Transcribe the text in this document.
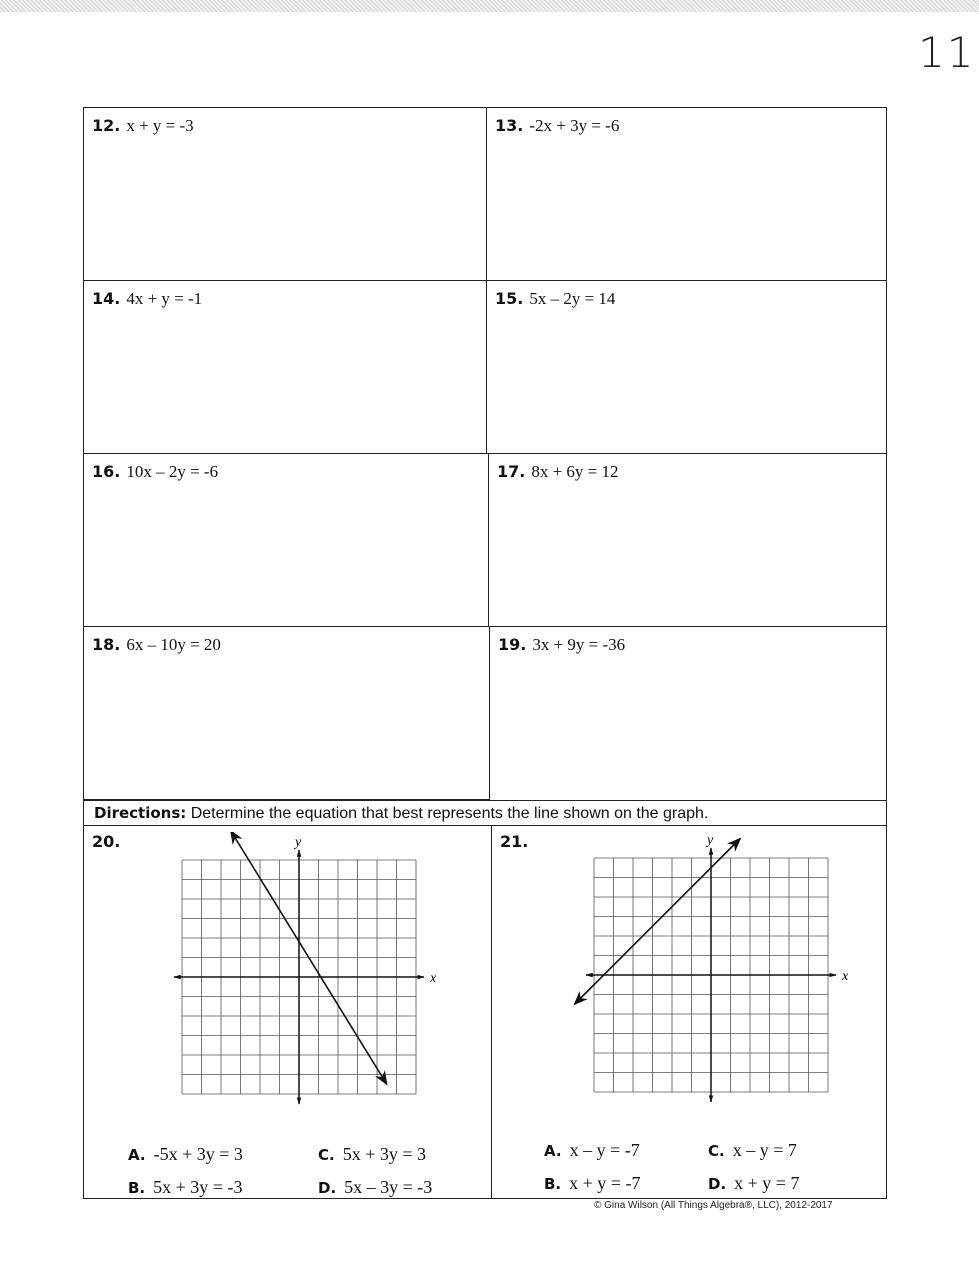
11
12. x + y = -3	13. -2x + 3y = -6
14. 4x + y = -1	15. 5x – 2y = 14
16. 10x – 2y = -6	17. 8x + 6y = 12
18. 6x – 10y = 20	19. 3x + 9y = -36
Directions: Determine the equation that best represents the line shown on the graph.
20.
x
y
A. -5x + 3y = 3
B. 5x + 3y = -3
C. 5x + 3y = 3
D. 5x – 3y = -3
21.
x
y
A. x – y = -7
B. x + y = -7
C. x – y = 7
D. x + y = 7
© Gina Wilson (All Things Algebra®, LLC), 2012-2017
